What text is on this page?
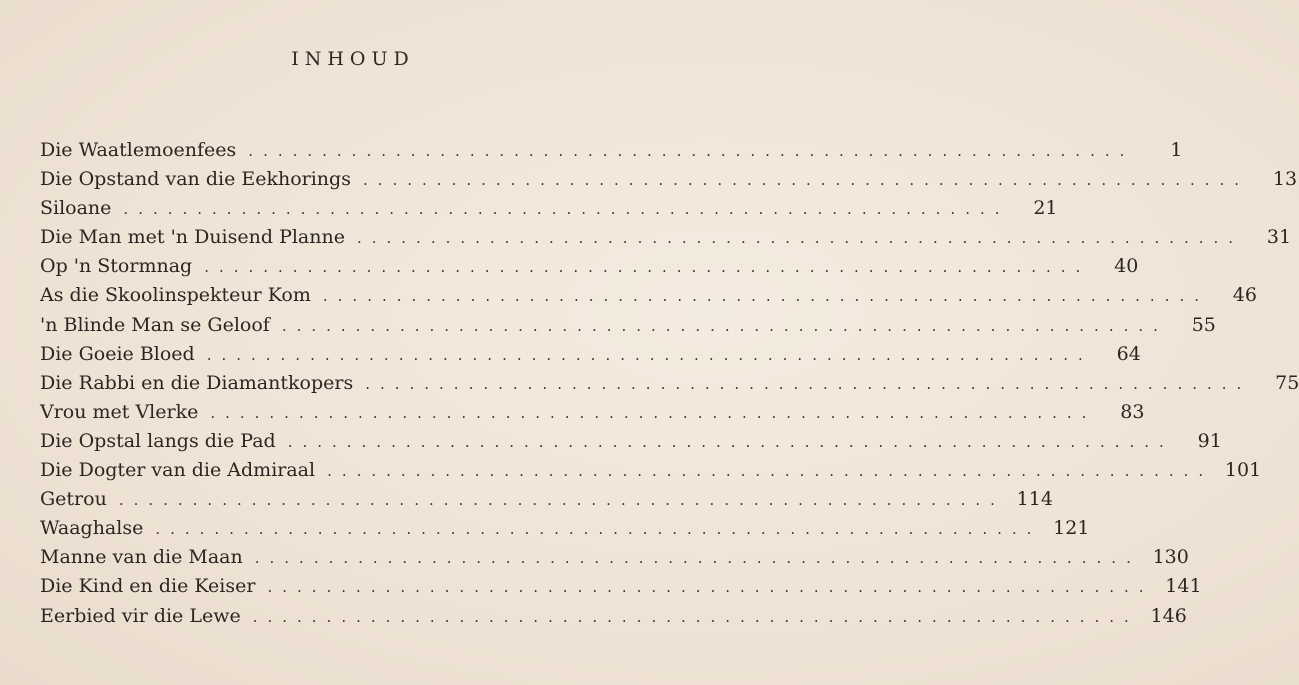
INHOUD
Die Waatlemoenfees ............................................................	1
Die Opstand van die Eekhorings ............................................................	13
Siloane ............................................................	21
Die Man met 'n Duisend Planne ............................................................	31
Op 'n Stormnag ............................................................	40
As die Skoolinspekteur Kom ............................................................	46
'n Blinde Man se Geloof ............................................................	55
Die Goeie Bloed ............................................................	64
Die Rabbi en die Diamantkopers ............................................................	75
Vrou met Vlerke ............................................................	83
Die Opstal langs die Pad ............................................................	91
Die Dogter van die Admiraal ............................................................ 101
Getrou ............................................................ 114
Waaghalse ............................................................ 121
Manne van die Maan ............................................................ 130
Die Kind en die Keiser ............................................................ 141
Eerbied vir die Lewe ............................................................ 146
